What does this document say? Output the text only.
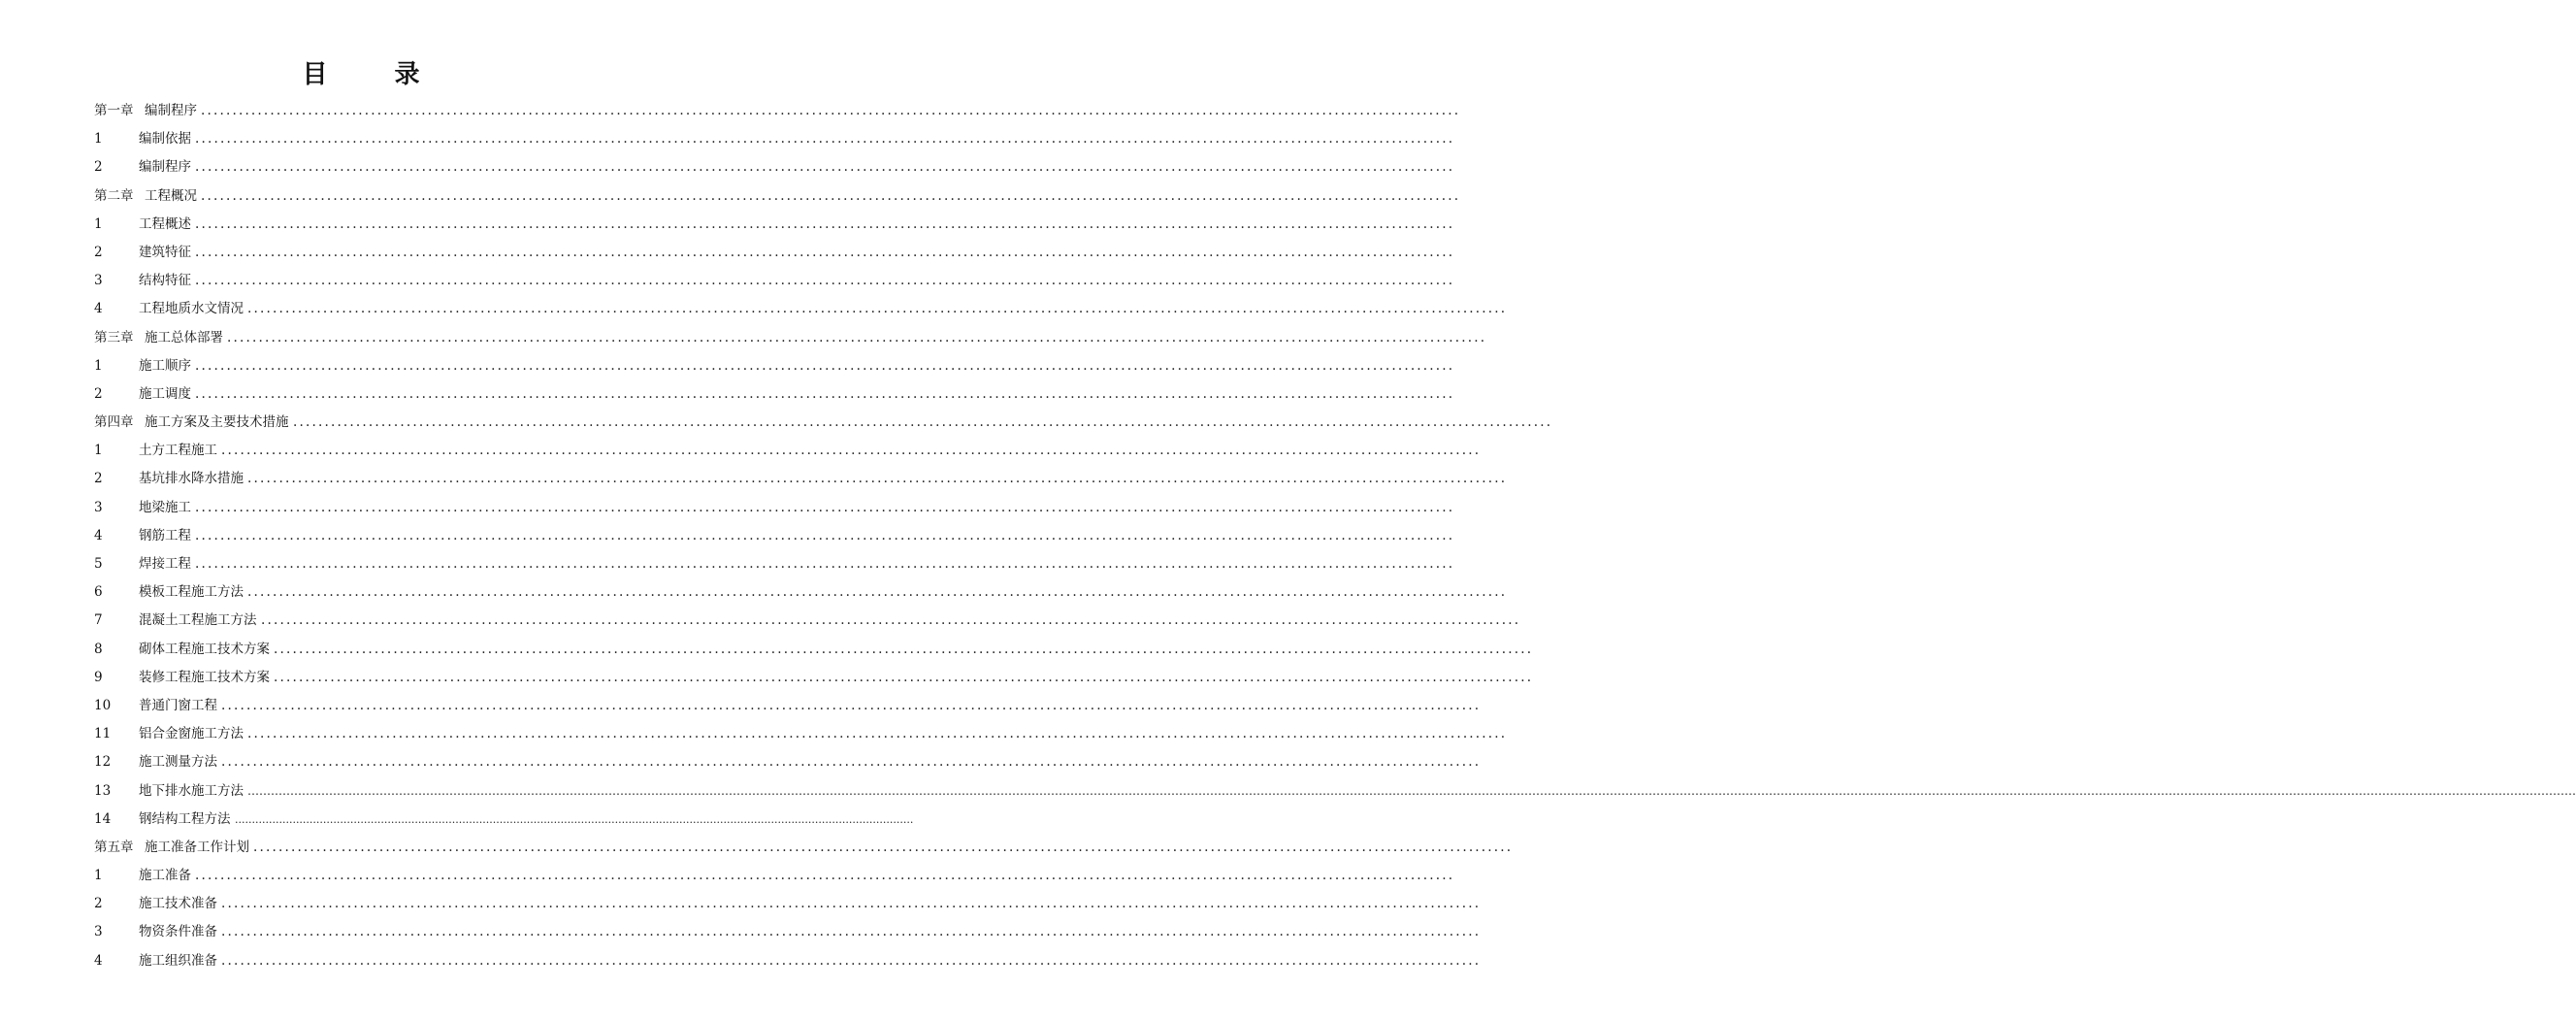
目 录
第一章 编制程序 ........................................................................................................................................................................................................
1	编制依据 ........................................................................................................................................................................................................
2	编制程序 ........................................................................................................................................................................................................
第二章 工程概况 ........................................................................................................................................................................................................
1	工程概述 ........................................................................................................................................................................................................
2	建筑特征 ........................................................................................................................................................................................................
3	结构特征 ........................................................................................................................................................................................................
4	工程地质水文情况 ........................................................................................................................................................................................................
第三章 施工总体部署 ........................................................................................................................................................................................................
1	施工顺序 ........................................................................................................................................................................................................
2	施工调度 ........................................................................................................................................................................................................
第四章 施工方案及主要技术措施 ........................................................................................................................................................................................................
1	土方工程施工 ........................................................................................................................................................................................................
2	基坑排水降水措施 ........................................................................................................................................................................................................
3	地梁施工 ........................................................................................................................................................................................................
4	钢筋工程 ........................................................................................................................................................................................................
5	焊接工程 ........................................................................................................................................................................................................
6	模板工程施工方法 ........................................................................................................................................................................................................
7	混凝土工程施工方法 ........................................................................................................................................................................................................
8	砌体工程施工技术方案 ........................................................................................................................................................................................................
9	装修工程施工技术方案 ........................................................................................................................................................................................................
10 普通门窗工程 ........................................................................................................................................................................................................
11 铝合金窗施工方法 ........................................................................................................................................................................................................
12 施工测量方法 ........................................................................................................................................................................................................
13 地下排水施工方法 ……………………………………………………………………………………………………………………………………………………………………………………………………………………………………………………………………………………………………………………………………………………………………………………………………………………………………………………………………………………………………………………………………………………
14 钢结构工程方法 ........................................................................................................................................................................................................
第五章 施工准备工作计划 ........................................................................................................................................................................................................
1	施工准备 ........................................................................................................................................................................................................
2	施工技术准备 ........................................................................................................................................................................................................
3	物资条件准备 ........................................................................................................................................................................................................
4	施工组织准备 ........................................................................................................................................................................................................
